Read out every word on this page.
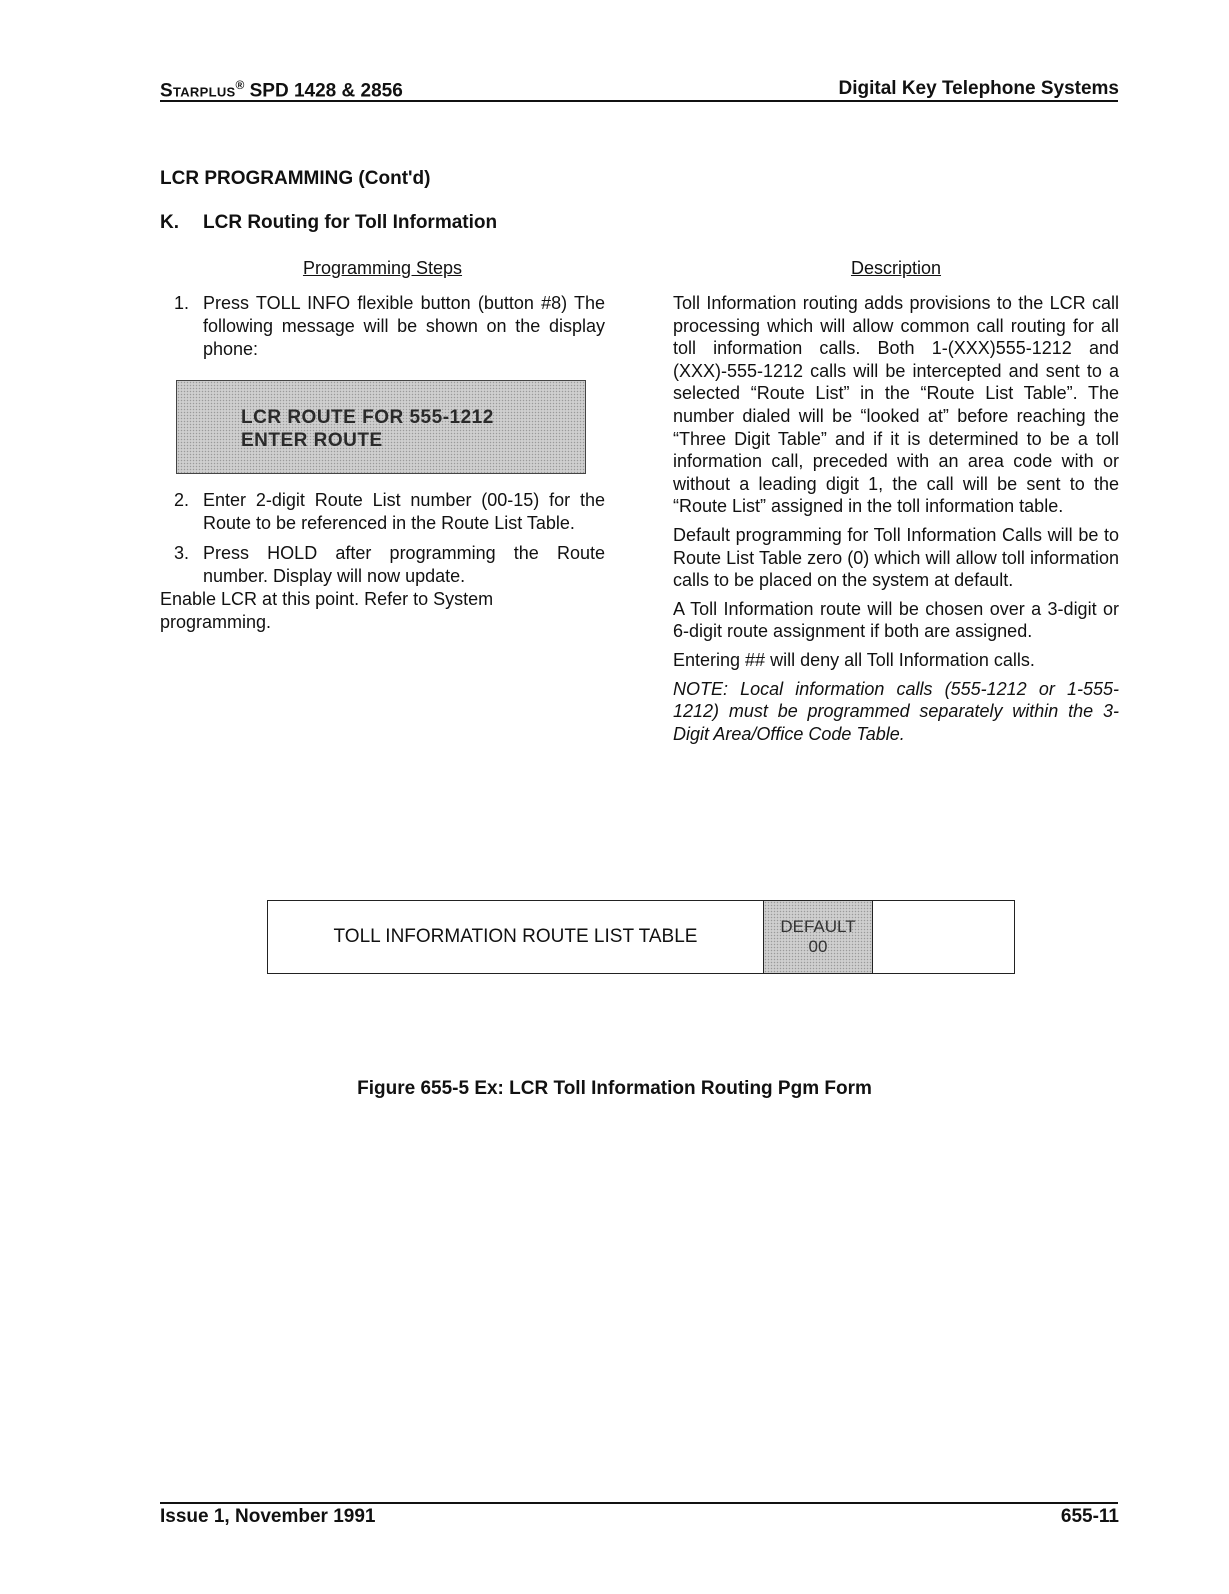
Starplus® SPD 1428 & 2856	Digital Key Telephone Systems
LCR PROGRAMMING (Cont'd)
K. LCR Routing for Toll Information
Programming Steps	Description
1. Press TOLL INFO flexible button (button #8) The following message will be shown on the display phone:
2. Enter 2-digit Route List number (00-15) for the Route to be referenced in the Route List Table.
3. Press HOLD after programming the Route number. Display will now update.
Enable LCR at this point. Refer to System programming.
LCR ROUTE FOR 555-1212
ENTER ROUTE

Toll Information routing adds provisions to the LCR call processing which will allow common call routing for all toll information calls. Both 1-(XXX)555-1212 and (XXX)-555-1212 calls will be intercepted and sent to a selected “Route List” in the “Route List Table”. The number dialed will be “looked at” before reaching the “Three Digit Table” and if it is determined to be a toll information call, preceded with an area code with or without a leading digit 1, the call will be sent to the “Route List” assigned in the toll information table.

Default programming for Toll Information Calls will be to Route List Table zero (0) which will allow toll information calls to be placed on the system at default.

A Toll Information route will be chosen over a 3-digit or 6-digit route assignment if both are assigned.

Entering ## will deny all Toll Information calls.

NOTE: Local information calls (555-1212 or 1-555-1212) must be programmed separately within the 3-Digit Area/Office Code Table.

TOLL INFORMATION ROUTE LIST TABLE	DEFAULT
00
Figure 655-5 Ex: LCR Toll Information Routing Pgm Form
Issue 1, November 1991	655-11
